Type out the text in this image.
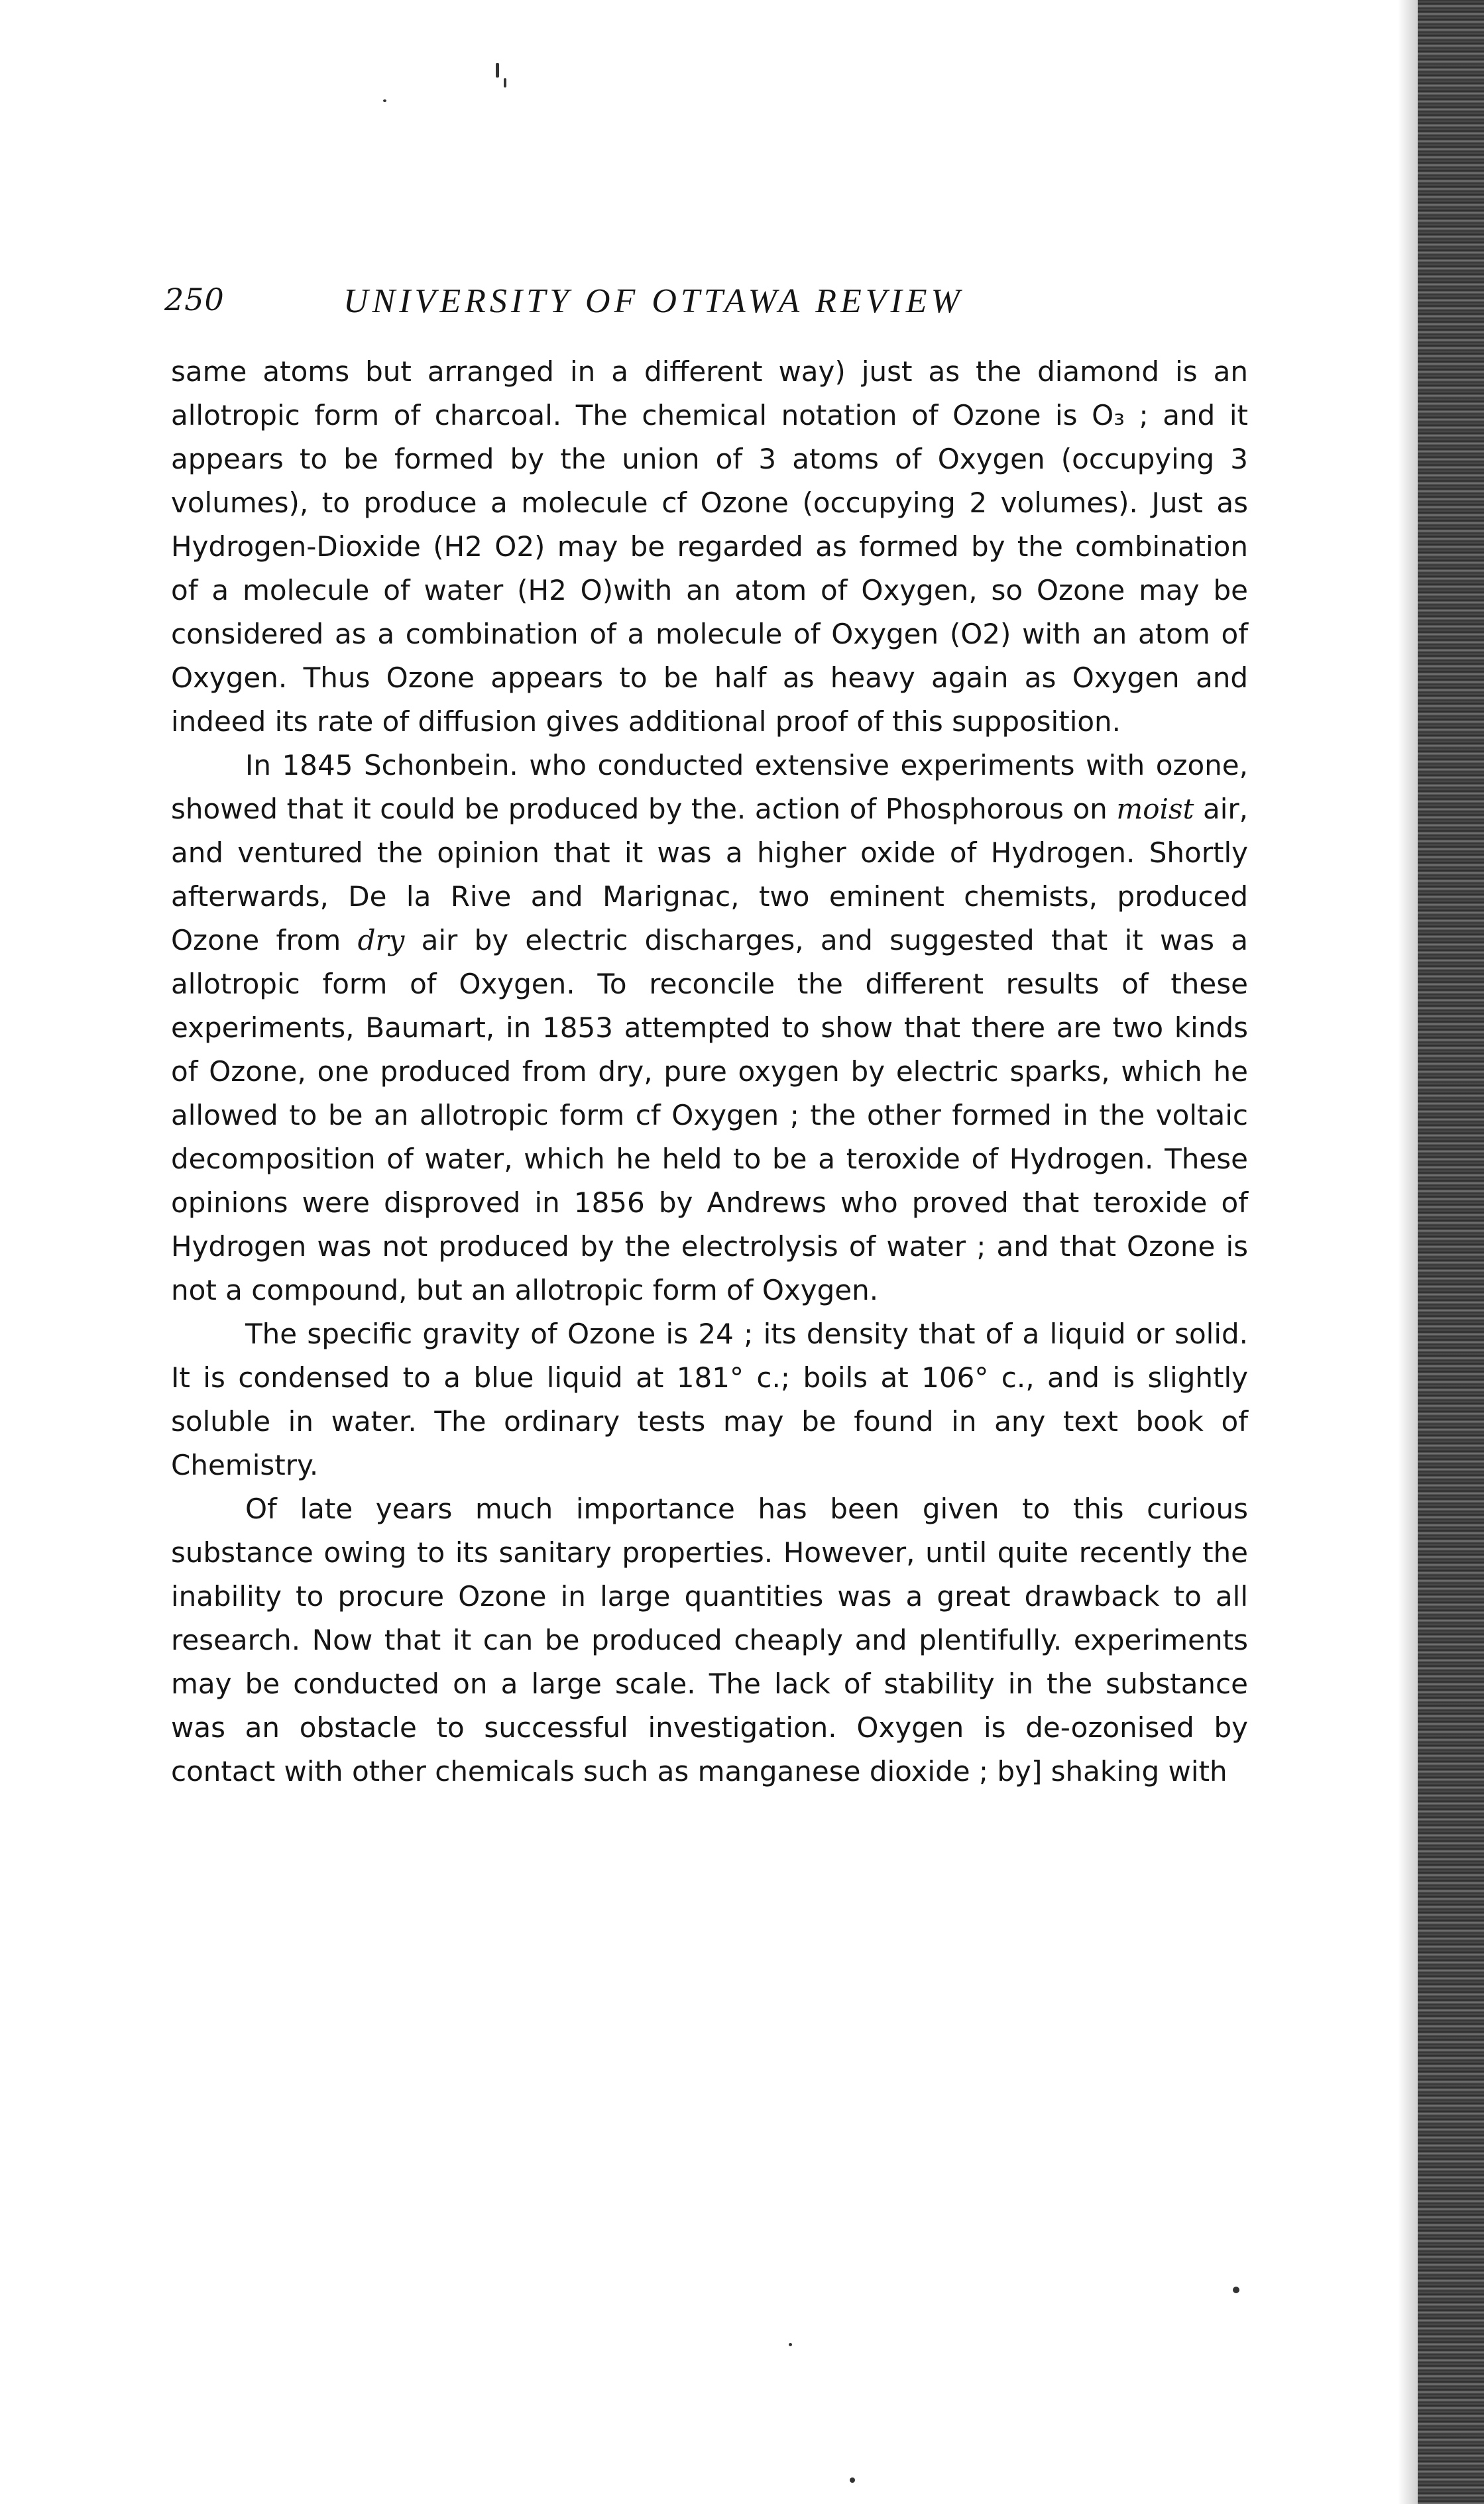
250	UNIVERSITY OF OTTAWA REVIEW

same atoms but arranged in a different way) just as the diamond is an allotropic form of charcoal. The chemical notation of Ozone is O₃ ; and it appears to be formed by the union of 3 atoms of Oxygen (occupying 3 volumes), to produce a molecule cf Ozone (occupying 2 volumes). Just as Hydrogen-Dioxide (H2 O2) may be regarded as formed by the combination of a molecule of water (H2 O)with an atom of Oxygen, so Ozone may be considered as a combination of a molecule of Oxygen (O2) with an atom of Oxygen. Thus Ozone appears to be half as heavy again as Oxygen and indeed its rate of diffusion gives additional proof of this supposition.

In 1845 Schonbein. who conducted extensive experiments with ozone, showed that it could be produced by the. action of Phosphorous on moist air, and ventured the opinion that it was a higher oxide of Hydrogen. Shortly afterwards, De la Rive and Marignac, two eminent chemists, produced Ozone from dry air by electric discharges, and suggested that it was a allotropic form of Oxygen. To reconcile the different results of these experiments, Baumart, in 1853 attempted to show that there are two kinds of Ozone, one produced from dry, pure oxygen by electric sparks, which he allowed to be an allotropic form cf Oxygen ; the other formed in the voltaic decomposition of water, which he held to be a teroxide of Hydrogen. These opinions were disproved in 1856 by Andrews who proved that teroxide of Hydrogen was not produced by the electrolysis of water ; and that Ozone is not a compound, but an allotropic form of Oxygen.

The specific gravity of Ozone is 24 ; its density that of a liquid or solid. It is condensed to a blue liquid at 181° c.; boils at 106° c., and is slightly soluble in water. The ordinary tests may be found in any text book of Chemistry.

Of late years much importance has been given to this curious substance owing to its sanitary properties. However, until quite recently the inability to procure Ozone in large quantities was a great drawback to all research. Now that it can be produced cheaply and plentifully. experiments may be conducted on a large scale. The lack of stability in the substance was an obstacle to successful investigation. Oxygen is de-ozonised by contact with other chemicals such as manganese dioxide ; by] shaking with
